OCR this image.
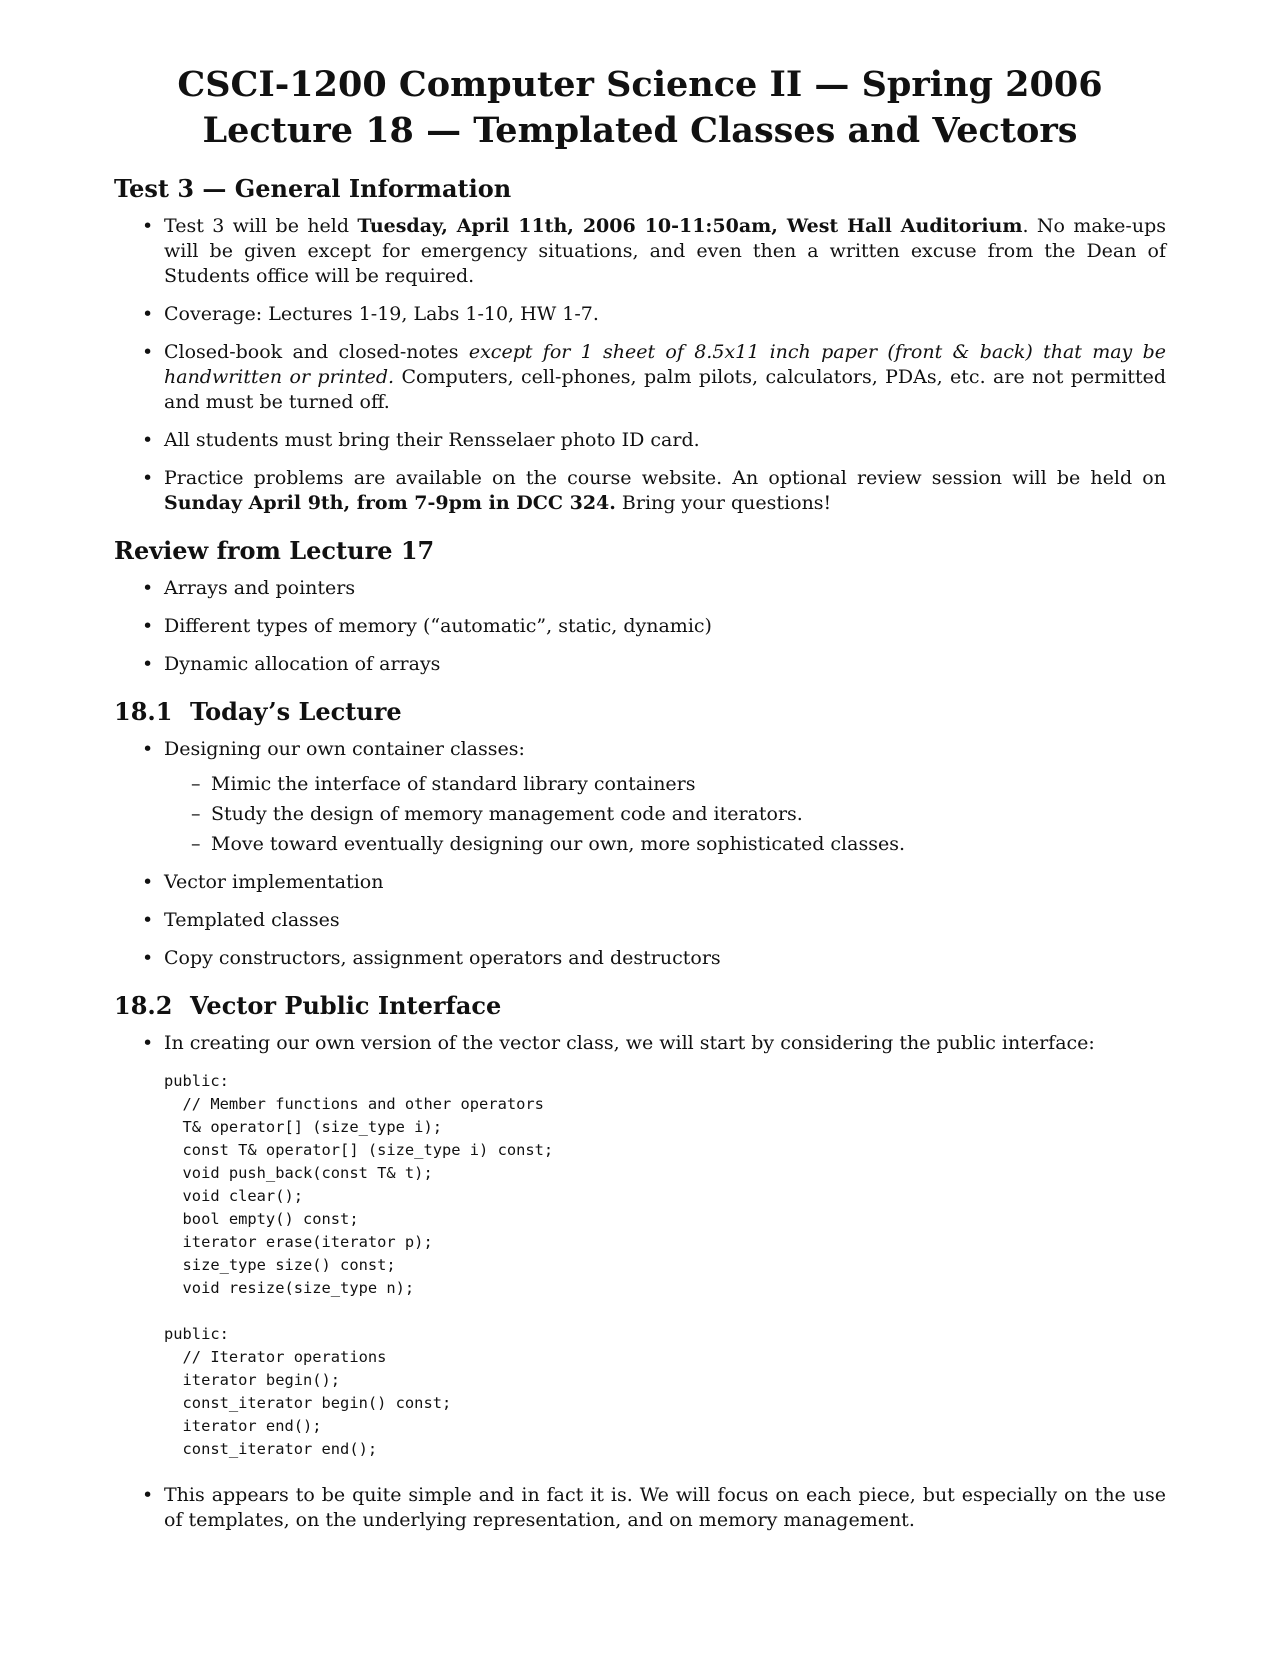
CSCI-1200 Computer Science II — Spring 2006
Lecture 18 — Templated Classes and Vectors
Test 3 — General Information
• Test 3 will be held Tuesday, April 11th, 2006 10-11:50am, West Hall Auditorium. No make-ups will be given except for emergency situations, and even then a written excuse from the Dean of Students office will be required.
• Coverage: Lectures 1-19, Labs 1-10, HW 1-7.
• Closed-book and closed-notes except for 1 sheet of 8.5x11 inch paper (front & back) that may be handwritten or printed. Computers, cell-phones, palm pilots, calculators, PDAs, etc. are not permitted and must be turned off.
• All students must bring their Rensselaer photo ID card.
• Practice problems are available on the course website. An optional review session will be held on Sunday April 9th, from 7-9pm in DCC 324. Bring your questions!
Review from Lecture 17
• Arrays and pointers
• Different types of memory (“automatic”, static, dynamic)
• Dynamic allocation of arrays
18.1 Today’s Lecture
• Designing our own container classes:
– Mimic the interface of standard library containers
– Study the design of memory management code and iterators.
– Move toward eventually designing our own, more sophisticated classes.
• Vector implementation
• Templated classes
• Copy constructors, assignment operators and destructors
18.2 Vector Public Interface
• In creating our own version of the vector class, we will start by considering the public interface:
public:
// Member functions and other operators
T& operator[] (size_type i);
const T& operator[] (size_type i) const;
void push_back(const T& t);
void clear();
bool empty() const;
iterator erase(iterator p);
size_type size() const;
void resize(size_type n);
public:
// Iterator operations
iterator begin();
const_iterator begin() const;
iterator end();
const_iterator end();
• This appears to be quite simple and in fact it is. We will focus on each piece, but especially on the use of templates, on the underlying representation, and on memory management.
